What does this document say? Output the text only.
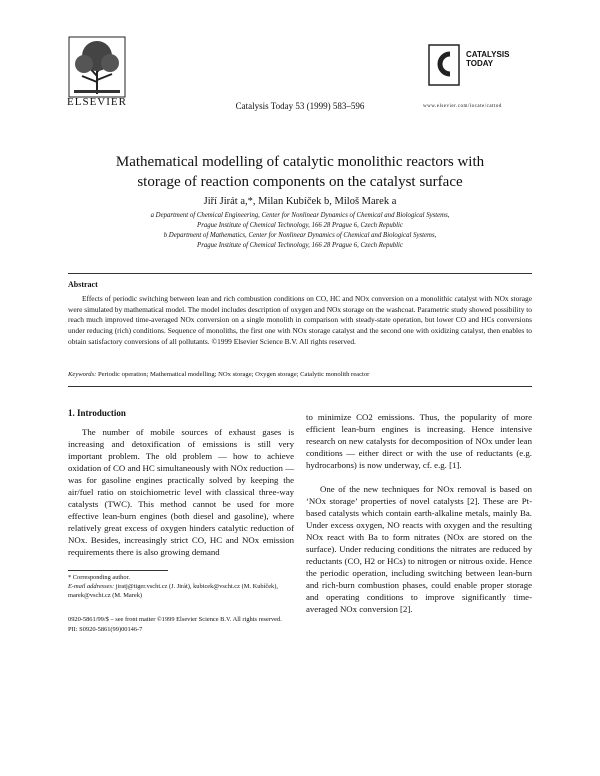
ELSEVIER	Catalysis Today 53 (1999) 583–596
CATALYSIS
TODAY
www.elsevier.com/locate/cattod
Mathematical modelling of catalytic monolithic reactors with
storage of reaction components on the catalyst surface
Jiří Jirát a,*, Milan Kubíček b, Miloš Marek a
a Department of Chemical Engineering, Center for Nonlinear Dynamics of Chemical and Biological Systems,
Prague Institute of Chemical Technology, 166 28 Prague 6, Czech Republic
b Department of Mathematics, Center for Nonlinear Dynamics of Chemical and Biological Systems,
Prague Institute of Chemical Technology, 166 28 Prague 6, Czech Republic
Abstract
Effects of periodic switching between lean and rich combustion conditions on CO, HC and NOx conversion on a monolithic catalyst with NOx storage were simulated by mathematical model. The model includes description of oxygen and NOx storage on the washcoat. Parametric study showed possibility to reach much improved time-averaged NOx conversion on a single monolith in comparison with steady-state operation, but lower CO and HCs conversions under reducing (rich) conditions. Sequence of monoliths, the first one with NOx storage catalyst and the second one with oxidizing catalyst, then enables to obtain satisfactory conversions of all pollutants. ©1999 Elsevier Science B.V. All rights reserved.
Keywords: Periodic operation; Mathematical modelling; NOx storage; Oxygen storage; Catalytic monolith reactor
1. Introduction

The number of mobile sources of exhaust gases is increasing and detoxification of emissions is still very important problem. The old problem — how to achieve oxidation of CO and HC simultaneously with NOx reduction — was for gasoline engines practically solved by keeping the air/fuel ratio on stoichiometric level with classical three-way catalysts (TWC). This method cannot be used for more effective lean-burn engines (both diesel and gasoline), where relatively great excess of oxygen hinders catalytic reduction of NOx. Besides, increasingly strict CO, HC and NOx emission requirements there is also growing demand

to minimize CO2 emissions. Thus, the popularity of more efficient lean-burn engines is increasing. Hence intensive research on new catalysts for decomposition of NOx under lean conditions — either direct or with the use of reductants (e.g. hydrocarbons) is now underway, cf. e.g. [1].

One of the new techniques for NOx removal is based on ‘NOx storage’ properties of novel catalysts [2]. These are Pt-based catalysts which contain earth-alkaline metals, mainly Ba. Under excess oxygen, NO reacts with oxygen and the resulting NOx react with Ba to form nitrates (NOx are stored on the surface). Under reducing conditions the nitrates are reduced by reductants (CO, H2 or HCs) to nitrogen or nitrous oxide. Hence the periodic operation, including switching between lean-burn and rich-burn combustion phases, could enable proper storage and operating conditions to improve significantly time-averaged NOx conversion [2].

* Corresponding author.
E-mail addresses: jiratj@tiger.vscht.cz (J. Jirát), kubicek@vscht.cz (M. Kubíček), marek@vscht.cz (M. Marek)
0920-5861/99/$ – see front matter ©1999 Elsevier Science B.V. All rights reserved.
PII: S0920-5861(99)00146-7
